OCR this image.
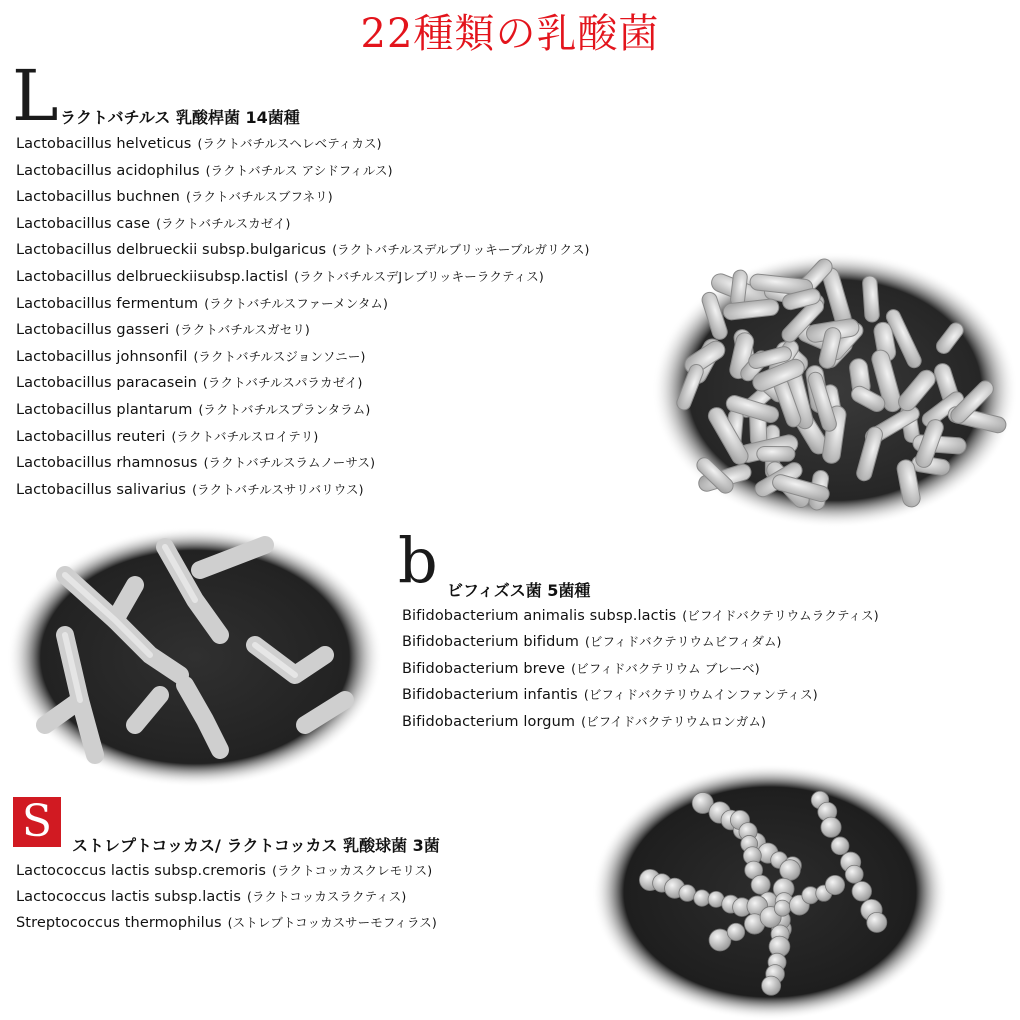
22種類の乳酸菌
L ラクトバチルス 乳酸桿菌 14菌種
Lactobacillus helveticus (ラクトバチルスヘレベティカス)
Lactobacillus acidophilus (ラクトバチルス アシドフィルス)
Lactobacillus buchnen (ラクトバチルスブフネリ)
Lactobacillus case (ラクトバチルスカゼイ)
Lactobacillus delbrueckii subsp.bulgaricus (ラクトバチルスデルブリッキーブルガリクス)
Lactobacillus delbrueckiisubsp.lactisl (ラクトバチルスデJレブリッキーラクティス)
Lactobacillus fermentum (ラクトバチルスファーメンタム)
Lactobacillus gasseri (ラクトバチルスガセリ)
Lactobacillus johnsonfil (ラクトバチルスジョンソニー)
Lactobacillus paracasein (ラクトバチルスパラカゼイ)
Lactobacillus plantarum (ラクトバチルスプランタラム)
Lactobacillus reuteri (ラクトバチルスロイテリ)
Lactobacillus rhamnosus (ラクトバチルスラムノーサス)
Lactobacillus salivarius (ラクトバチルスサリバリウス)
b ビフィズス菌 5菌種
Bifidobacterium animalis subsp.lactis (ビフイドバクテリウムラクティス)
Bifidobacterium bifidum (ビフィドバクテリウムビフィダム)
Bifidobacterium breve (ビフィドバクテリウム ブレーベ)
Bifidobacterium infantis (ビフィドバクテリウムインファンティス)
Bifidobacterium lorgum (ビフイドバクテリウムロンガム)
S	ストレプトコッカス/ ラクトコッカス 乳酸球菌 3菌
Lactococcus lactis subsp.cremoris (ラクトコッカスクレモリス)
Lactococcus lactis subsp.lactis (ラクトコッカスラクティス)
Streptococcus thermophilus (ストレブトコッカスサーモフィラス)
